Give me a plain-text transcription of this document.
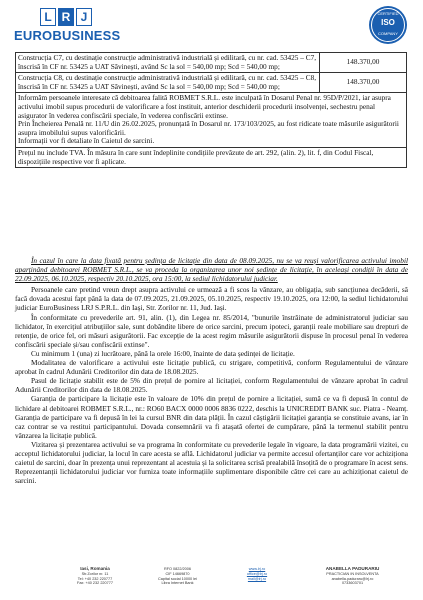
L R J
EUROBUSINESS
CERTIFIED
ISO
COMPANY
Construcția C7, cu destinație construcție administrativă industrială și edilitară, cu nr. cad. 53425 – C7, înscrisă în CF nr. 53425 a UAT Săvinești, având Sc la sol = 540,00 mp; Scd = 540,00 mp;	148.370,00
Construcția C8, cu destinație construcție administrativă industrială și edilitară, cu nr. cad. 53425 – C8, înscrisă în CF nr. 53425 a UAT Săvinești, având Sc la sol = 540,00 mp; Scd = 540,00 mp;	148.370,00

Informăm persoanele interesate că debitoarea falită ROBMET S.R.L. este inculpată în Dosarul Penal nr. 95D/P/2021, iar asupra activului imobil supus procedurii de valorificare a fost instituit, anterior deschiderii procedurii insolvenței, sechestru penal asigurator în vederea confiscării speciale, în vederea confiscării extinse.
Prin Încheierea Penală nr. 11/U din 26.02.2025, pronunțată în Dosarul nr. 173/103/2025, au fost ridicate toate măsurile asigurătorii asupra imobilului supus valorificării.
Informații vor fi detaliate în Caietul de sarcini.	

Prețul nu include TVA. În măsura în care sunt îndeplinite condițiile prevăzute de art. 292, (alin. 2), lit. f, din Codul Fiscal, dispozițiile respective vor fi aplicate.	

În cazul în care la data fixată pentru ședința de licitație din data de 08.09.2025, nu se va reuși valorificarea activului imobil aparținând debitoarei ROBMET S.R.L., se va proceda la organizarea unor noi ședințe de licitație, în aceleași condiții în data de 22.09.2025, 06.10.2025, respectiv 20.10.2025, ora 15:00, la sediul lichidatorului judiciar.

Persoanele care pretind vreun drept asupra activului ce urmează a fi scos la vânzare, au obligația, sub sancțiunea decăderii, să facă dovada acestui fapt până la data de 07.09.2025, 21.09.2025, 05.10.2025, respectiv 19.10.2025, ora 12:00, la sediul lichidatorului judiciar EuroBusiness LRJ S.P.R.L. din Iași, Str. Zorilor nr. 11, Jud. Iași.

În conformitate cu prevederile art. 91, alin. (1), din Legea nr. 85/2014, "bunurile înstrăinate de administratorul judiciar sau lichidator, în exercițiul atribuțiilor sale, sunt dobândite libere de orice sarcini, precum ipoteci, garanții reale mobiliare sau drepturi de retenție, de orice fel, ori măsuri asigurătorii. Fac excepție de la acest regim măsurile asigurătorii dispuse în procesul penal în vederea confiscării speciale și/sau confiscării extinse".

Cu minimum 1 (una) zi lucrătoare, până la orele 16:00, înainte de data ședinței de licitație.

Modalitatea de valorificare a activului este licitație publică, cu strigare, competitivă, conform Regulamentului de vânzare aprobat în cadrul Adunării Creditorilor din data de 18.08.2025.

Pasul de licitație stabilit este de 5% din prețul de pornire al licitației, conform Regulamentului de vânzare aprobat în cadrul Adunării Creditorilor din data de 18.08.2025.

Garanția de participare la licitație este în valoare de 10% din prețul de pornire a licitației, sumă ce va fi depusă în contul de lichidare al debitoarei ROBMET S.R.L., nr.: RO60 BACX 0000 0006 8836 0222, deschis la UNICREDIT BANK suc. Piatra - Neamț. Garanția de participare va fi depusă în lei la cursul BNR din data plății. În cazul câștigării licitației garanția se constituie avans, iar în caz contrar se va restitui participantului. Dovada consemnării va fi atașată ofertei de cumpărare, până la termenul stabilit pentru vânzarea la licitație publică.

Vizitarea și prezentarea activului se va programa în conformitate cu prevederile legale în vigoare, la data programării vizitei, cu acceptul lichidatorului judiciar, la locul în care acesta se află. Lichidatorul judiciar va permite accesul ofertanților care vor achiziționa caietul de sarcini, doar în prezența unui reprezentant al acestuia și la solicitarea scrisă prealabilă însoțită de o programare în acest sens. Reprezentanții lichidatorului judiciar vor furniza toate informațiile suplimentare disponibile către cei care au achiziționat caietul de sarcini.

Iasi, Romania
Str.Zorilor nr. 11
Tel: +40 232 220777
Fax: +40 232 220777
RFO 0822/2006
CIF 14669870
Capital social 10000 lei
Libra Internet Bank
www.lrj.ro
office@lrj.ro
mail@lrj.ro
ANABELLA PADURARIU
PRACTICIAN IN INSOLVENTA
anabella.paduraru@lrj.ro
0733603701
